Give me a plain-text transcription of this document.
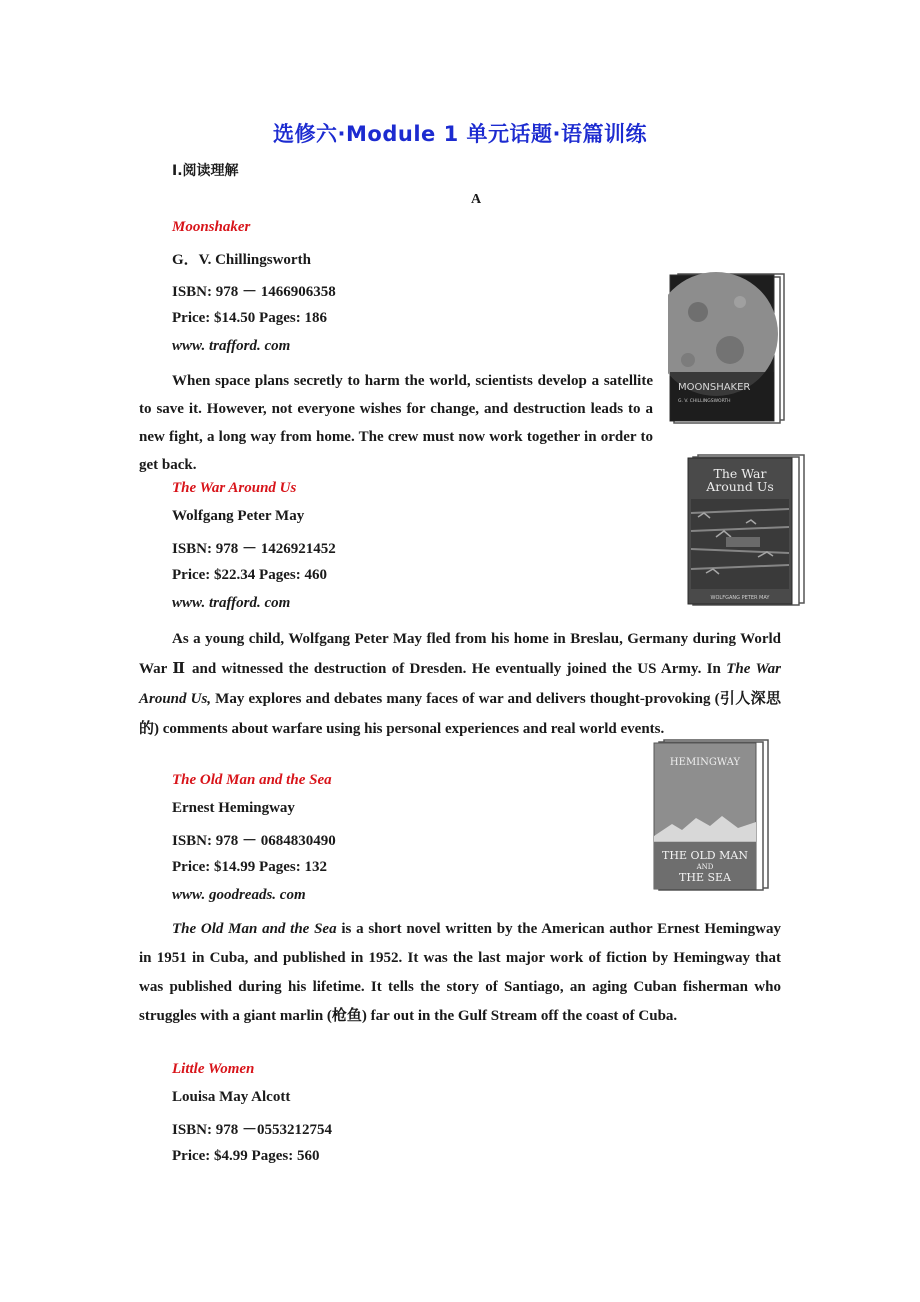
选修六·Module 1 单元话题·语篇训练
Ⅰ.阅读理解
A
Moonshaker
G．V. Chillingsworth
ISBN: 978 － 1466906358
Price: $14.50 Pages: 186
www. trafford. com

When space plans secretly to harm the world, scientists develop a satellite to save it. However, not everyone wishes for change, and destruction leads to a new fight, a long way from home. The crew must now work together in order to get back.

MOONSHAKER
G. V. CHILLINGSWORTH
The War Around Us
Wolfgang Peter May
ISBN: 978 － 1426921452
Price: $22.34 Pages: 460
www. trafford. com

As a young child, Wolfgang Peter May fled from his home in Breslau, Germany during World War Ⅱ and witnessed the destruction of Dresden. He eventually joined the US Army. In The War Around Us, May explores and debates many faces of war and delivers thought-provoking (引人深思的) comments about warfare using his personal experiences and real world events.

The War
Around Us
WOLFGANG PETER MAY
The Old Man and the Sea
Ernest Hemingway
ISBN: 978 － 0684830490
Price: $14.99 Pages: 132
www. goodreads. com

The Old Man and the Sea is a short novel written by the American author Ernest Hemingway in 1951 in Cuba, and published in 1952. It was the last major work of fiction by Hemingway that was published during his lifetime. It tells the story of Santiago, an aging Cuban fisherman who struggles with a giant marlin (枪鱼) far out in the Gulf Stream off the coast of Cuba.

HEMINGWAY
THE OLD MAN
AND
THE SEA
Little Women
Louisa May Alcott
ISBN: 978 －0553212754
Price: $4.99 Pages: 560
